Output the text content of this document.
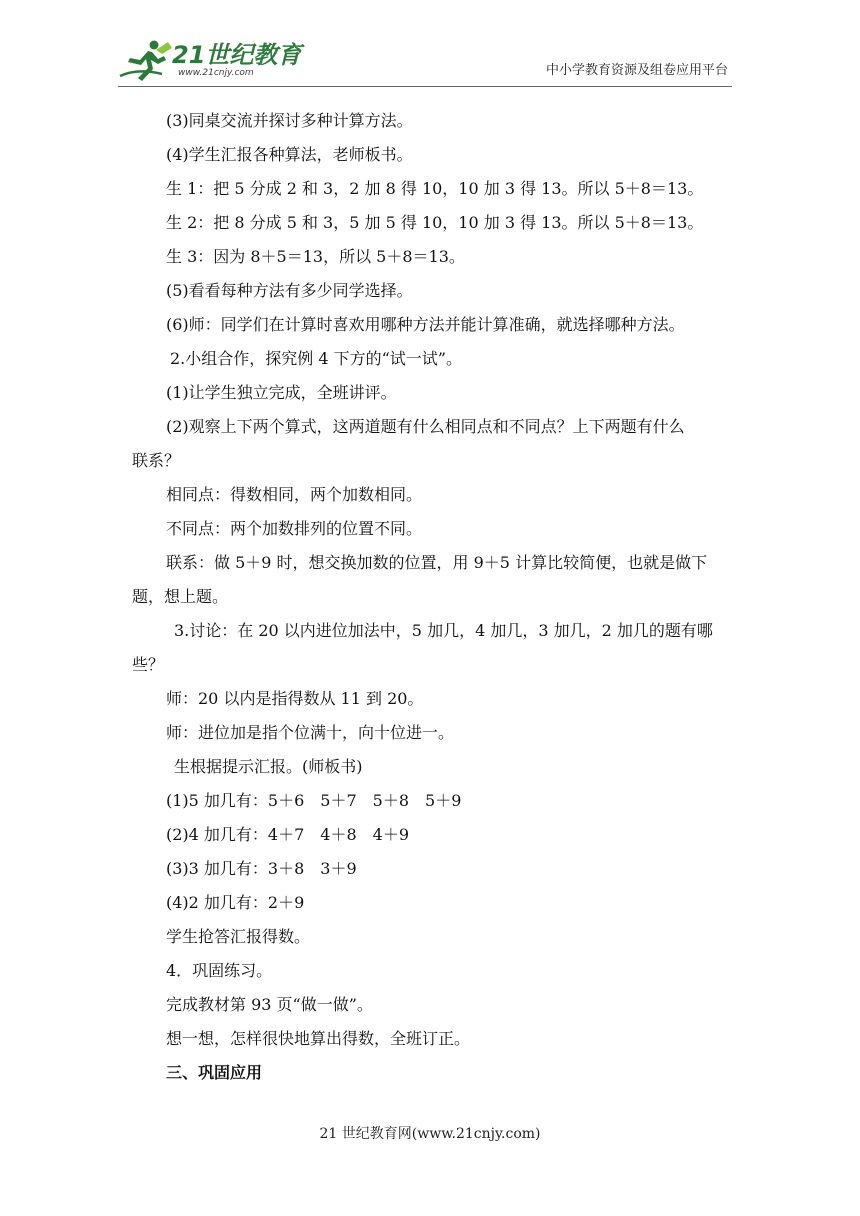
21世纪教育
www.21cnjy.com	中小学教育资源及组卷应用平台
(3)同桌交流并探讨多种计算方法。
(4)学生汇报各种算法，老师板书。
生 1：把 5 分成 2 和 3，2 加 8 得 10，10 加 3 得 13。所以 5＋8＝13。
生 2：把 8 分成 5 和 3，5 加 5 得 10，10 加 3 得 13。所以 5＋8＝13。
生 3：因为 8＋5＝13，所以 5＋8＝13。
(5)看看每种方法有多少同学选择。
(6)师：同学们在计算时喜欢用哪种方法并能计算准确，就选择哪种方法。
2.小组合作，探究例 4 下方的“试一试”。
(1)让学生独立完成，全班讲评。
(2)观察上下两个算式，这两道题有什么相同点和不同点？上下两题有什么
联系？
相同点：得数相同，两个加数相同。
不同点：两个加数排列的位置不同。
联系：做 5＋9 时，想交换加数的位置，用 9＋5 计算比较简便，也就是做下
题，想上题。
3.讨论：在 20 以内进位加法中，5 加几，4 加几，3 加几，2 加几的题有哪
些？
师：20 以内是指得数从 11 到 20。
师：进位加是指个位满十，向十位进一。
生根据提示汇报。(师板书)
(1)5 加几有：5＋6　5＋7　5＋8　5＋9
(2)4 加几有：4＋7　4＋8　4＋9
(3)3 加几有：3＋8　3＋9
(4)2 加几有：2＋9
学生抢答汇报得数。
4．巩固练习。
完成教材第 93 页“做一做”。
想一想，怎样很快地算出得数，全班订正。
三、巩固应用
21 世纪教育网(www.21cnjy.com)
